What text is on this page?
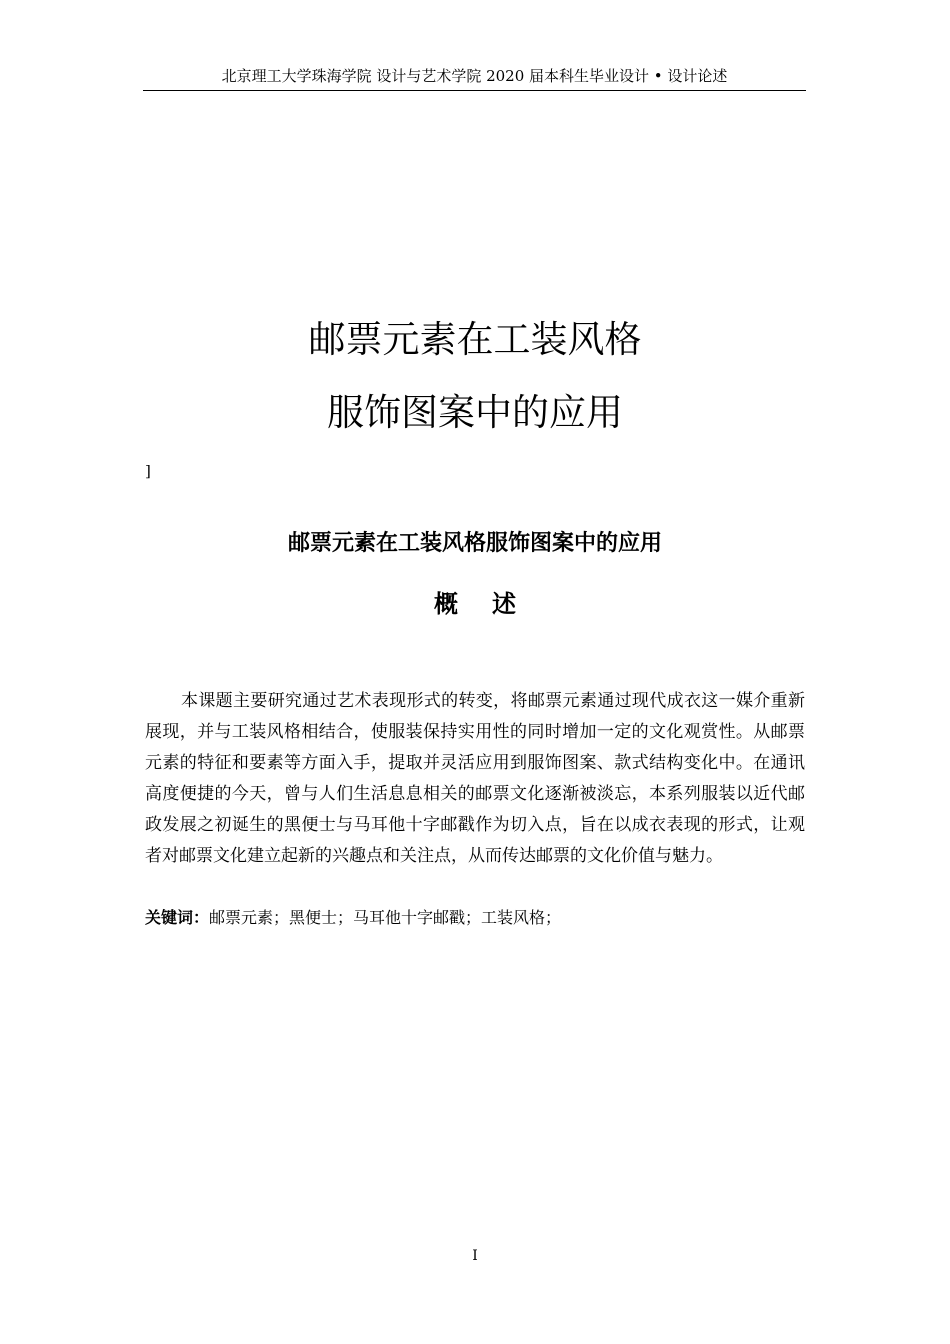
北京理工大学珠海学院 设计与艺术学院 2020 届本科生毕业设计 • 设计论述
邮票元素在工装风格
服饰图案中的应用
]
邮票元素在工装风格服饰图案中的应用
概述

本课题主要研究通过艺术表现形式的转变，将邮票元素通过现代成衣这一媒介重新展现，并与工装风格相结合，使服装保持实用性的同时增加一定的文化观赏性。从邮票元素的特征和要素等方面入手，提取并灵活应用到服饰图案、款式结构变化中。在通讯高度便捷的今天，曾与人们生活息息相关的邮票文化逐渐被淡忘，本系列服装以近代邮政发展之初诞生的黑便士与马耳他十字邮戳作为切入点，旨在以成衣表现的形式，让观者对邮票文化建立起新的兴趣点和关注点，从而传达邮票的文化价值与魅力。

关键词：邮票元素；黑便士；马耳他十字邮戳；工装风格；
I
